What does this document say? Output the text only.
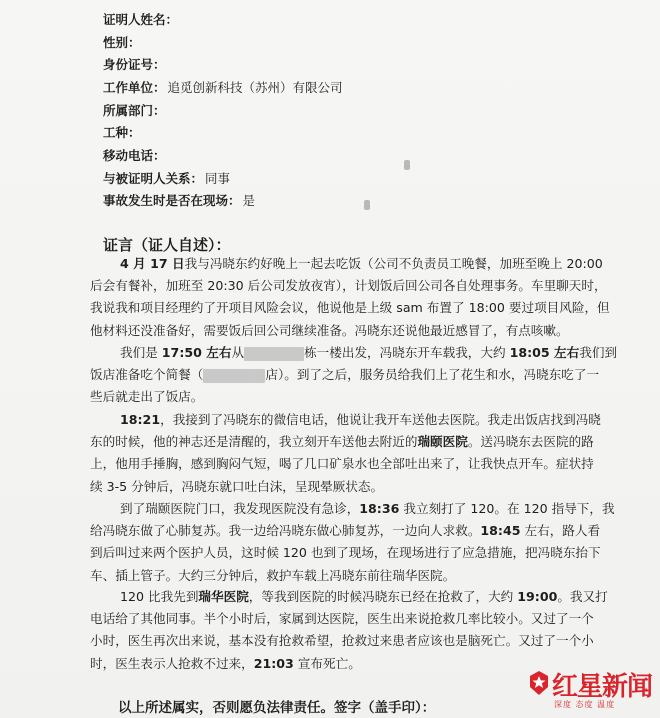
证明人姓名：
性别：
身份证号：
工作单位： 追觅创新科技（苏州）有限公司
所属部门：
工种：
移动电话：
与被证明人关系： 同事
事故发生时是否在现场： 是
证言（证人自述）：
4 月 17 日我与冯晓东约好晚上一起去吃饭（公司不负责员工晚餐，加班至晚上 20:00
后会有餐补，加班至 20:30 后公司发放夜宵），计划饭后回公司各自处理事务。车里聊天时，
我说我和项目经理约了开项目风险会议，他说他是上级 sam 布置了 18:00 要过项目风险，但
他材料还没准备好，需要饭后回公司继续准备。冯晓东还说他最近感冒了，有点咳嗽。
我们是 17:50 左右从	栋一楼出发，冯晓东开车载我，大约 18:05 左右我们到
饭店准备吃个简餐（	店）。到了之后，服务员给我们上了花生和水，冯晓东吃了一
些后就走出了饭店。
18:21，我接到了冯晓东的微信电话，他说让我开车送他去医院。我走出饭店找到冯晓
东的时候，他的神志还是清醒的，我立刻开车送他去附近的瑞颐医院。送冯晓东去医院的路
上，他用手捶胸，感到胸闷气短，喝了几口矿泉水也全部吐出来了，让我快点开车。症状持
续 3-5 分钟后，冯晓东就口吐白沫，呈现晕厥状态。
到了瑞颐医院门口，我发现医院没有急诊，18:36 我立刻打了 120。在 120 指导下，我
给冯晓东做了心肺复苏。我一边给冯晓东做心肺复苏，一边向人求救。18:45 左右，路人看
到后叫过来两个医护人员，这时候 120 也到了现场，在现场进行了应急措施，把冯晓东抬下
车、插上管子。大约三分钟后，救护车载上冯晓东前往瑞华医院。
120 比我先到瑞华医院，等我到医院的时候冯晓东已经在抢救了，大约 19:00。我又打
电话给了其他同事。半个小时后，家属到达医院，医生出来说抢救几率比较小。又过了一个
小时，医生再次出来说，基本没有抢救希望，抢救过来患者应该也是脑死亡。又过了一个小
时，医生表示人抢救不过来，21:03 宣布死亡。
以上所述属实，否则愿负法律责任。签字（盖手印）：
红星新闻
深度 态度 温度
